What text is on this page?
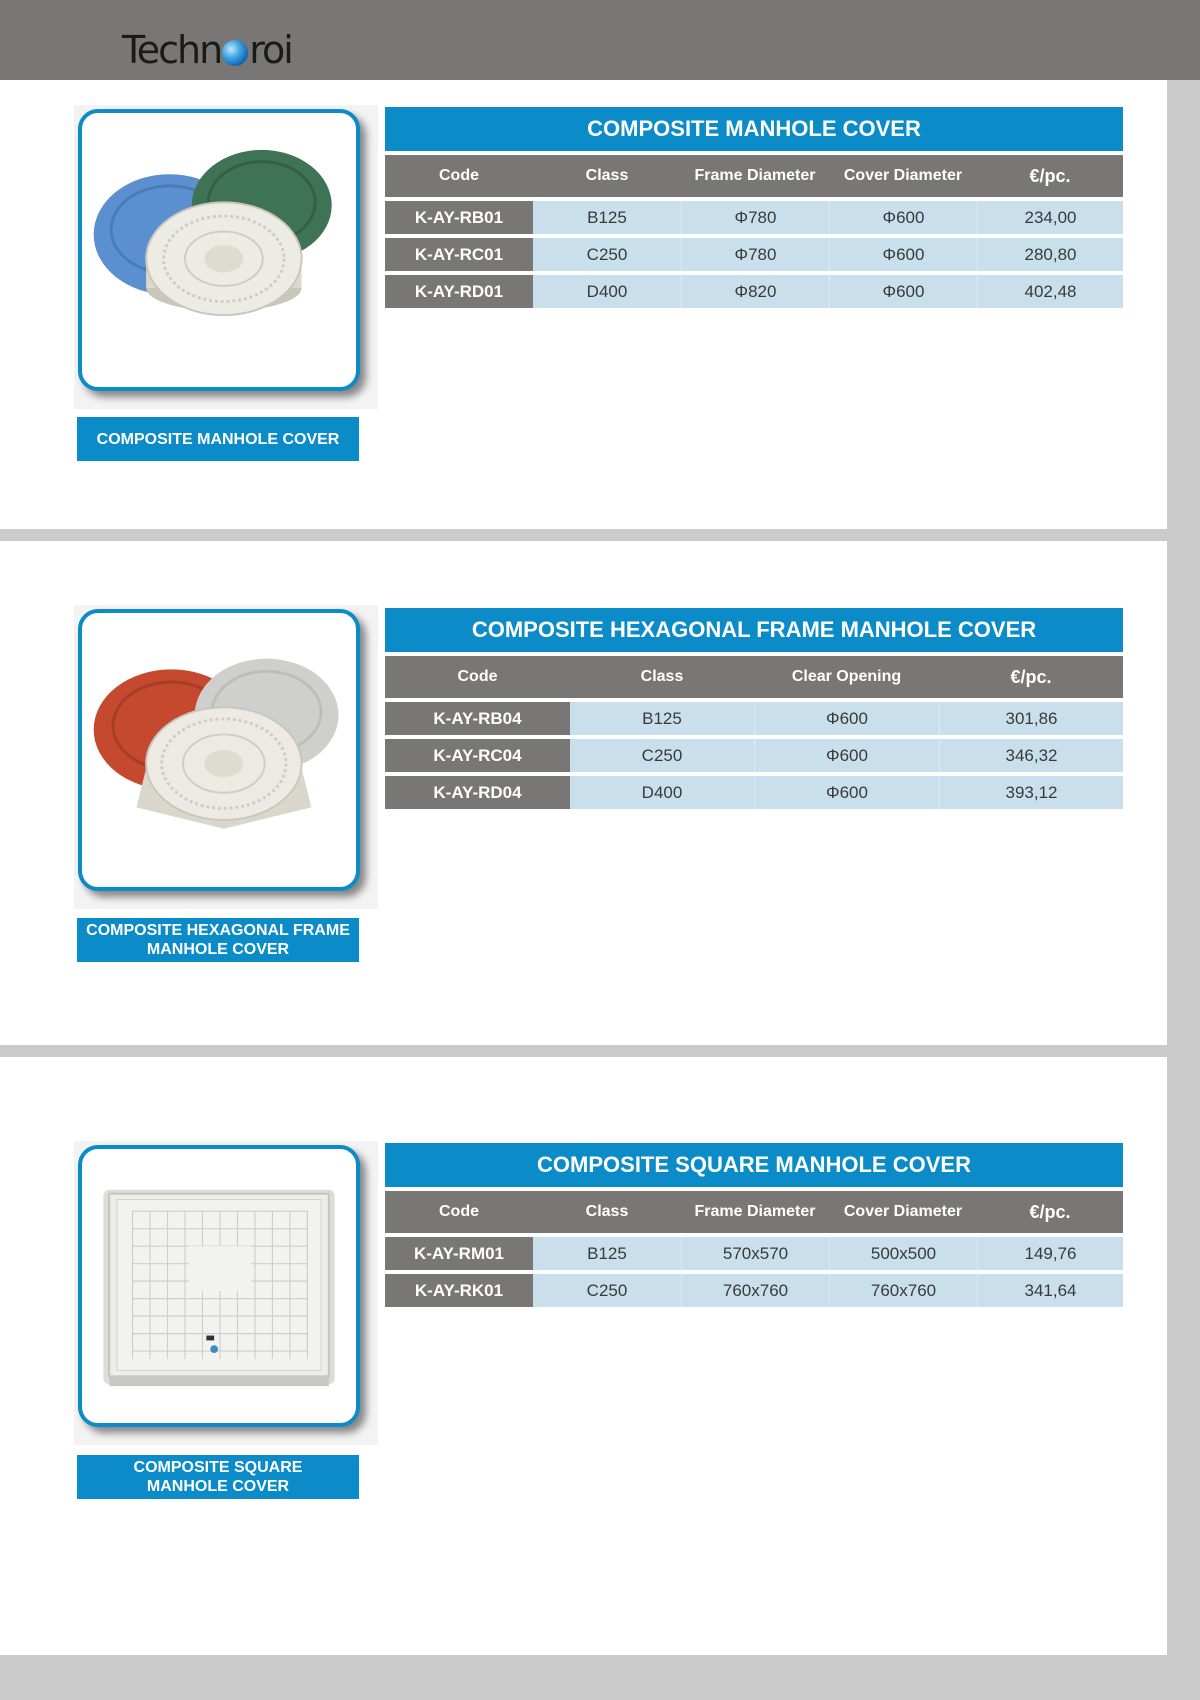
Techn roi
COMPOSITE MANHOLE COVER
COMPOSITE MANHOLE COVER
Code	Class	Frame Diameter	Cover Diameter	€/pc.
K-AY-RB01	B125	Φ780	Φ600	234,00
K-AY-RC01	C250	Φ780	Φ600	280,80
K-AY-RD01	D400	Φ820	Φ600	402,48
COMPOSITE HEXAGONAL FRAME
MANHOLE COVER
COMPOSITE HEXAGONAL FRAME MANHOLE COVER
Code	Class	Clear Opening	€/pc.
K-AY-RB04	B125	Φ600	301,86
K-AY-RC04	C250	Φ600	346,32
K-AY-RD04	D400	Φ600	393,12
COMPOSITE SQUARE
MANHOLE COVER
COMPOSITE SQUARE MANHOLE COVER
Code	Class	Frame Diameter	Cover Diameter	€/pc.
K-AY-RM01	B125	570x570	500x500	149,76
K-AY-RK01	C250	760x760	760x760	341,64
